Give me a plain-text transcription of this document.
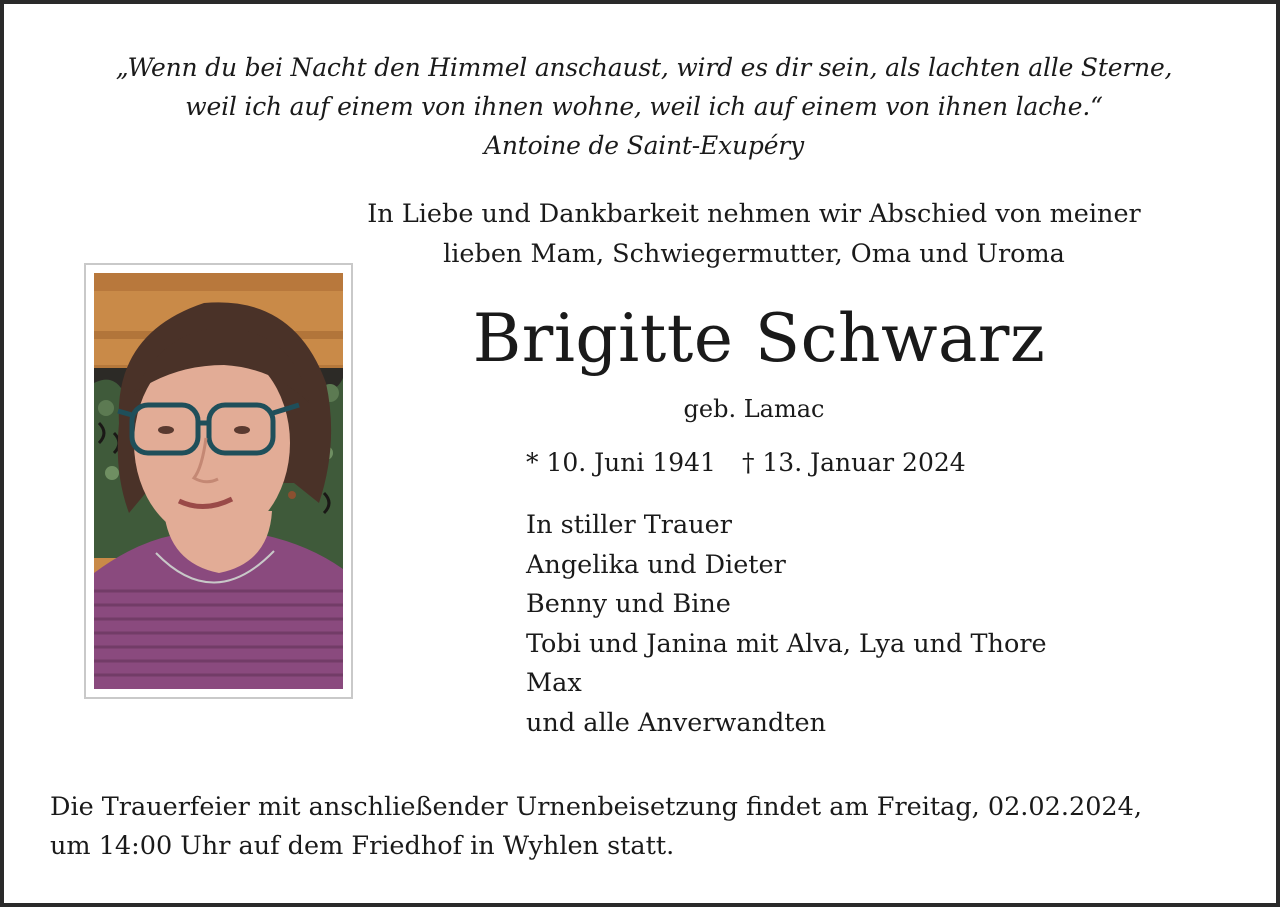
„Wenn du bei Nacht den Himmel anschaust, wird es dir sein, als lachten alle Sterne,
weil ich auf einem von ihnen wohne, weil ich auf einem von ihnen lache.“
Antoine de Saint-Exupéry
In Liebe und Dankbarkeit nehmen wir Abschied von meiner
lieben Mam, Schwiegermutter, Oma und Uroma
Brigitte Schwarz
geb. Lamac
* 10. Juni 1941 † 13. Januar 2024
In stiller Trauer
Angelika und Dieter
Benny und Bine
Tobi und Janina mit Alva, Lya und Thore
Max
und alle Anverwandten
Die Trauerfeier mit anschließender Urnenbeisetzung findet am Freitag, 02.02.2024,
um 14:00 Uhr auf dem Friedhof in Wyhlen statt.
